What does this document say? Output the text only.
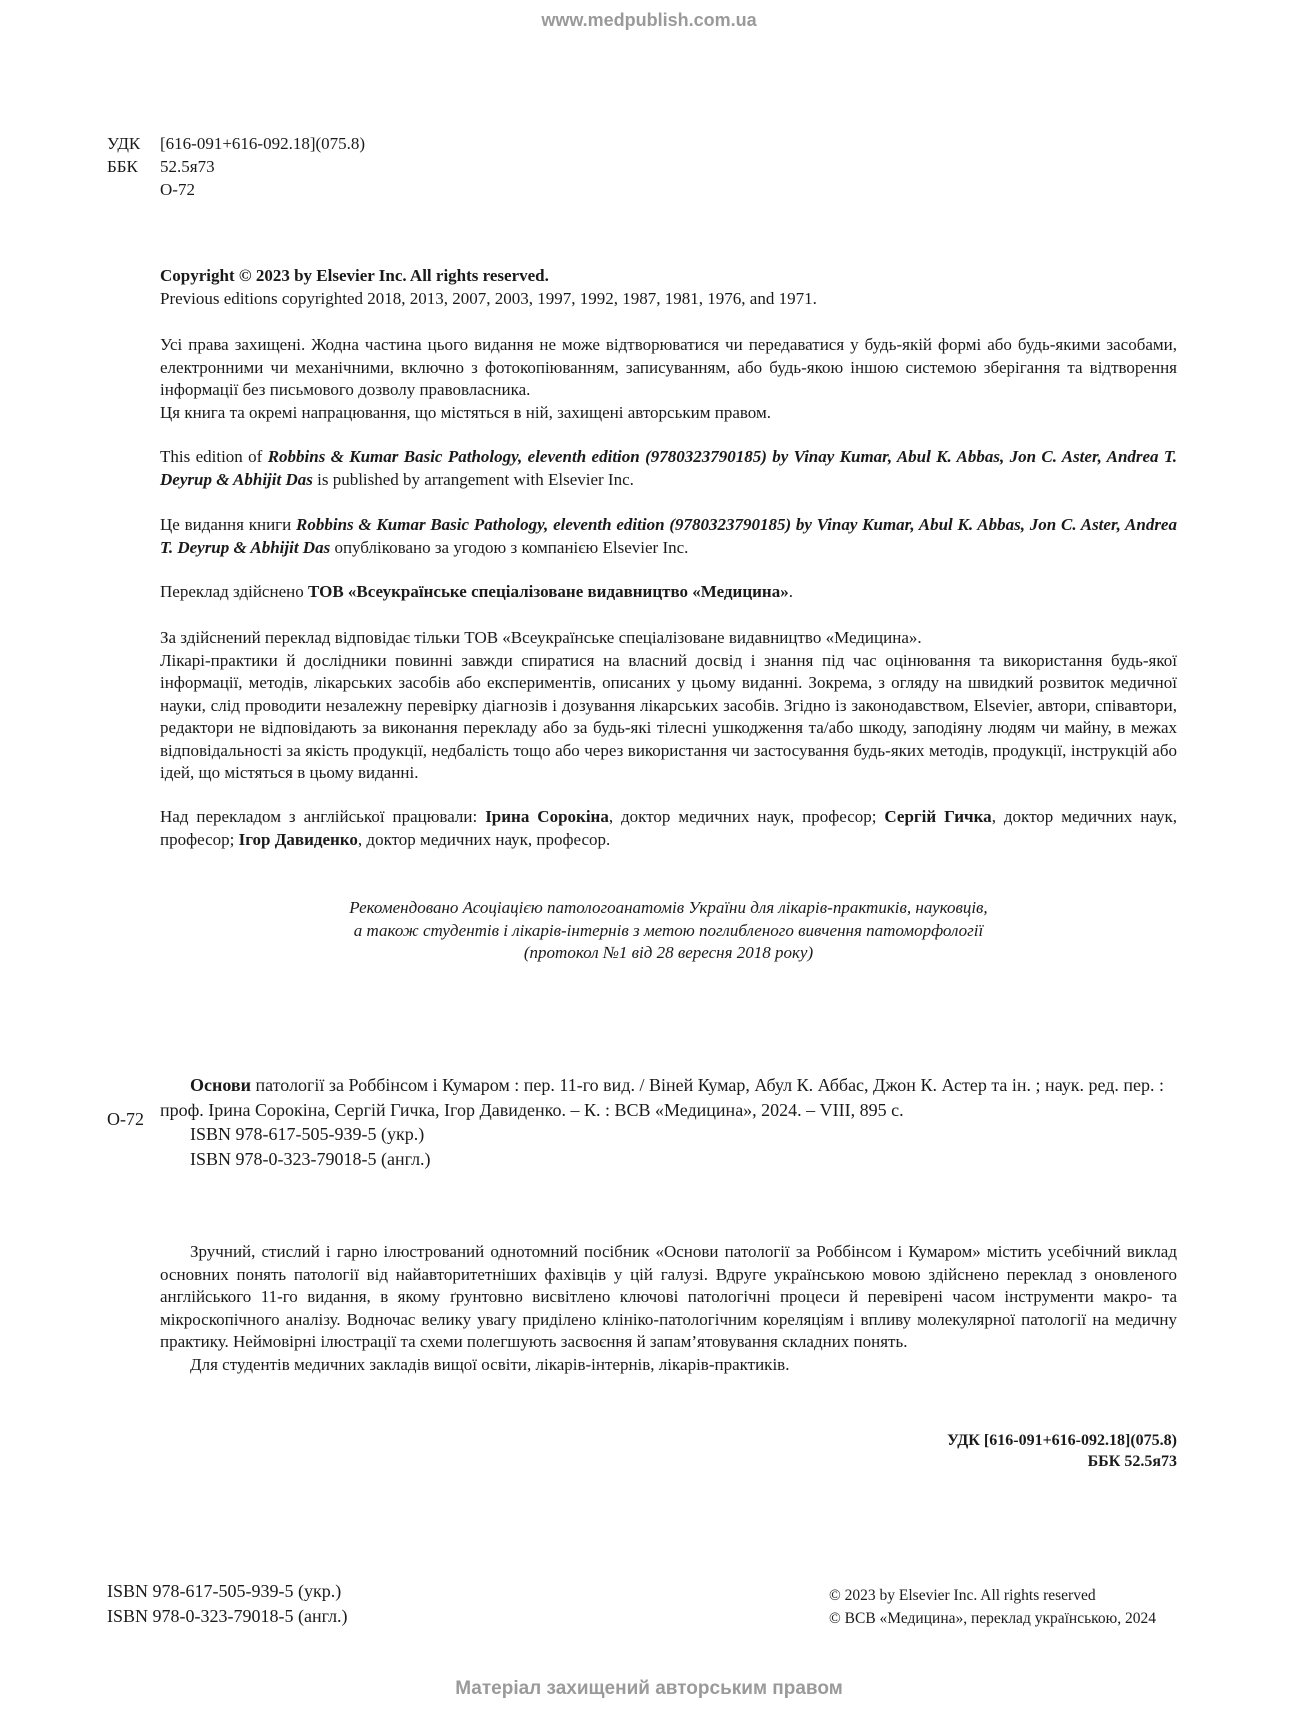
www.medpublish.com.ua
УДК	[616-091+616-092.18](075.8)
ББК	52.5я73
О-72

Copyright © 2023 by Elsevier Inc. All rights reserved.

Previous editions copyrighted 2018, 2013, 2007, 2003, 1997, 1992, 1987, 1981, 1976, and 1971.

Усі права захищені. Жодна частина цього видання не може відтворюватися чи передаватися у будь-якій формі або будь-якими засобами, електронними чи механічними, включно з фотокопіюванням, записуванням, або будь-якою іншою системою зберігання та відтворення інформації без письмового дозволу правовласника.

Ця книга та окремі напрацювання, що містяться в ній, захищені авторським правом.

This edition of Robbins & Kumar Basic Pathology, eleventh edition (9780323790185) by Vinay Kumar, Abul K. Abbas, Jon C. Aster, Andrea T. Deyrup & Abhijit Das is published by arrangement with Elsevier Inc.
Це видання книги Robbins & Kumar Basic Pathology, eleventh edition (9780323790185) by Vinay Kumar, Abul K. Abbas, Jon C. Aster, Andrea T. Deyrup & Abhijit Das опубліковано за угодою з компанією Elsevier Inc.
Переклад здійснено ТОВ «Всеукраїнське спеціалізоване видавництво «Медицина».

За здійснений переклад відповідає тільки ТОВ «Всеукраїнське спеціалізоване видавництво «Медицина».

Лікарі-практики й дослідники повинні завжди спиратися на власний досвід і знання під час оцінювання та використання будь-якої інформації, методів, лікарських засобів або експериментів, описаних у цьому виданні. Зокрема, з огляду на швидкий розвиток медичної науки, слід проводити незалежну перевірку діагнозів і дозування лікарських засобів. Згідно із законодавством, Elsevier, автори, співавтори, редактори не відповідають за виконання перекладу або за будь-які тілесні ушкодження та/або шкоду, заподіяну людям чи майну, в межах відповідальності за якість продукції, недбалість тощо або через використання чи застосування будь-яких методів, продукції, інструкцій або ідей, що містяться в цьому виданні.

Над перекладом з англійської працювали: Ірина Сорокіна, доктор медичних наук, професор; Сергій Гичка, доктор медичних наук, професор; Ігор Давиденко, доктор медичних наук, професор.

Рекомендовано Асоціацією патологоанатомів України для лікарів-практиків, науковців,

а також студентів і лікарів-інтернів з метою поглибленого вивчення патоморфології

(протокол №1 від 28 вересня 2018 року)

О-72

Основи патології за Роббінсом і Кумаром : пер. 11-го вид. / Віней Кумар, Абул К. Аббас, Джон К. Астер та ін. ; наук. ред. пер. : проф. Ірина Сорокіна, Сергій Гичка, Ігор Давиденко. – К. : ВСВ «Медицина», 2024. – VIII, 895 с.

ISBN 978-617-505-939-5 (укр.)

ISBN 978-0-323-79018-5 (англ.)

Зручний, стислий і гарно ілюстрований однотомний посібник «Основи патології за Роббінсом і Кумаром» містить усебічний виклад основних понять патології від найавторитетніших фахівців у цій галузі. Вдруге українською мовою здійснено переклад з оновленого англійського 11-го видання, в якому ґрунтовно висвітлено ключові патологічні процеси й перевірені часом інструменти макро- та мікроскопічного аналізу. Водночас велику увагу приділено клініко-патологічним кореляціям і впливу молекулярної патології на медичну практику. Неймовірні ілюстрації та схеми полегшують засвоєння й запам’ятовування складних понять.

Для студентів медичних закладів вищої освіти, лікарів-інтернів, лікарів-практиків.

УДК [616-091+616-092.18](075.8)
ББК 52.5я73
ISBN 978-617-505-939-5 (укр.)
ISBN 978-0-323-79018-5 (англ.)
© 2023 by Elsevier Inc. All rights reserved
© ВСВ «Медицина», переклад українською, 2024
Матеріал захищений авторським правом
